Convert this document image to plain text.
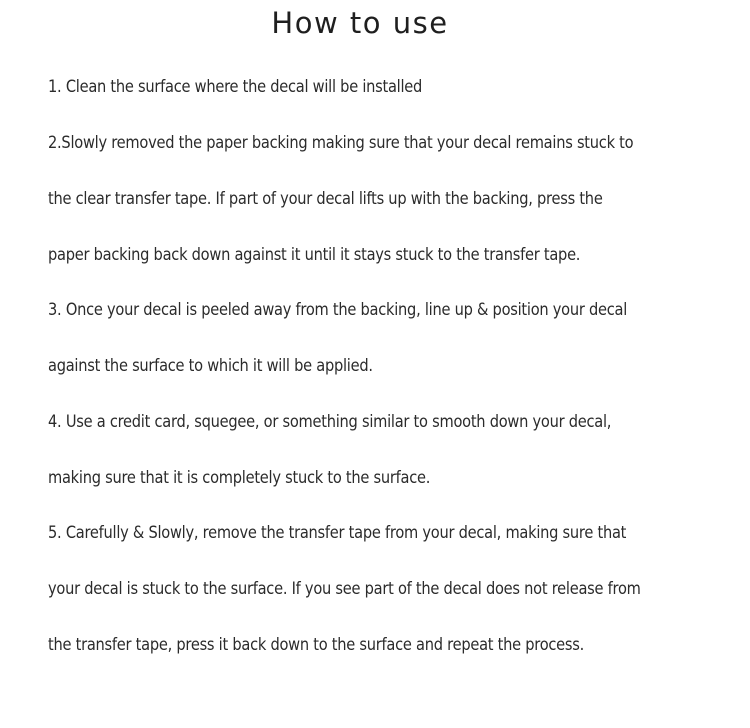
How to use
1. Clean the surface where the decal will be installed
2.Slowly removed the paper backing making sure that your decal remains stuck to
the clear transfer tape. If part of your decal lifts up with the backing, press the
paper backing back down against it until it stays stuck to the transfer tape.
3. Once your decal is peeled away from the backing, line up & position your decal
against the surface to which it will be applied.
4. Use a credit card, squegee, or something similar to smooth down your decal,
making sure that it is completely stuck to the surface.
5. Carefully & Slowly, remove the transfer tape from your decal, making sure that
your decal is stuck to the surface. If you see part of the decal does not release from
the transfer tape, press it back down to the surface and repeat the process.
